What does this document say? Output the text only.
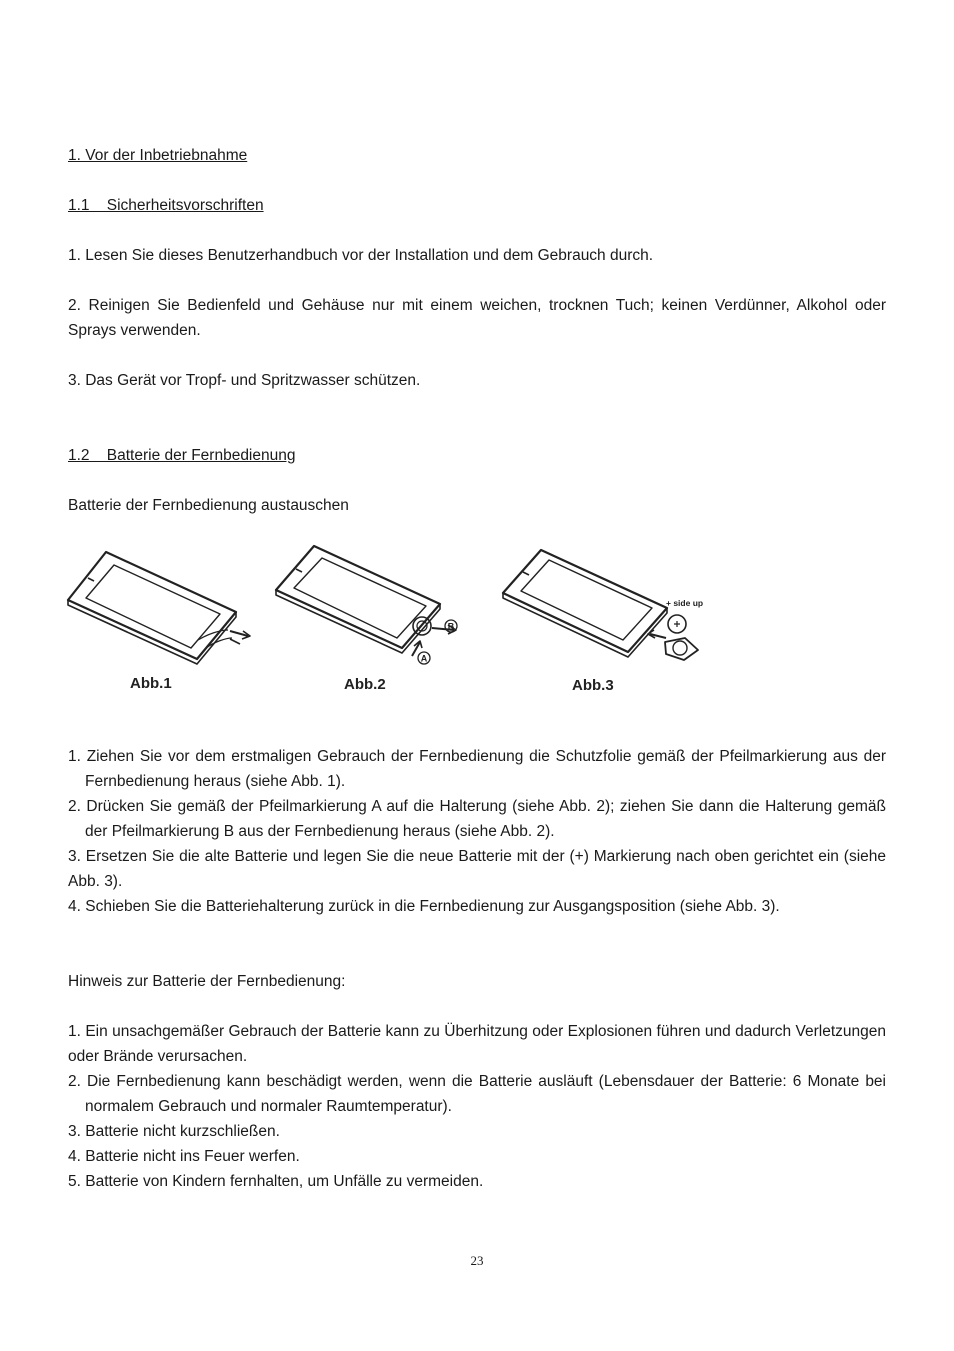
1. Vor der Inbetriebnahme

1.1    Sicherheitsvorschriften

1. Lesen Sie dieses Benutzerhandbuch vor der Installation und dem Gebrauch durch.

2. Reinigen Sie Bedienfeld und Gehäuse nur mit einem weichen, trocknen Tuch; keinen Verdünner, Alkohol oder Sprays verwenden.

3. Das Gerät vor Tropf- und Spritzwasser schützen.

1.2    Batterie der Fernbedienung

Batterie der Fernbedienung austauschen

B
A
+ side up
Abb.1	Abb.2	Abb.3

1. Ziehen Sie vor dem erstmaligen Gebrauch der Fernbedienung die Schutzfolie gemäß der Pfeilmarkierung aus der Fernbedienung heraus (siehe Abb. 1).

2. Drücken Sie gemäß der Pfeilmarkierung A auf die Halterung (siehe Abb. 2); ziehen Sie dann die Halterung gemäß der Pfeilmarkierung B aus der Fernbedienung heraus (siehe Abb. 2).

3. Ersetzen Sie die alte Batterie und legen Sie die neue Batterie mit der (+) Markierung nach oben gerichtet ein (siehe Abb. 3).

4. Schieben Sie die Batteriehalterung zurück in die Fernbedienung zur Ausgangsposition (siehe Abb. 3).

Hinweis zur Batterie der Fernbedienung:

1. Ein unsachgemäßer Gebrauch der Batterie kann zu Überhitzung oder Explosionen führen und dadurch Verletzungen oder Brände verursachen.

2. Die Fernbedienung kann beschädigt werden, wenn die Batterie ausläuft (Lebensdauer der Batterie: 6 Monate bei normalem Gebrauch und normaler Raumtemperatur).

3. Batterie nicht kurzschließen.

4. Batterie nicht ins Feuer werfen.

5. Batterie von Kindern fernhalten, um Unfälle zu vermeiden.

23
